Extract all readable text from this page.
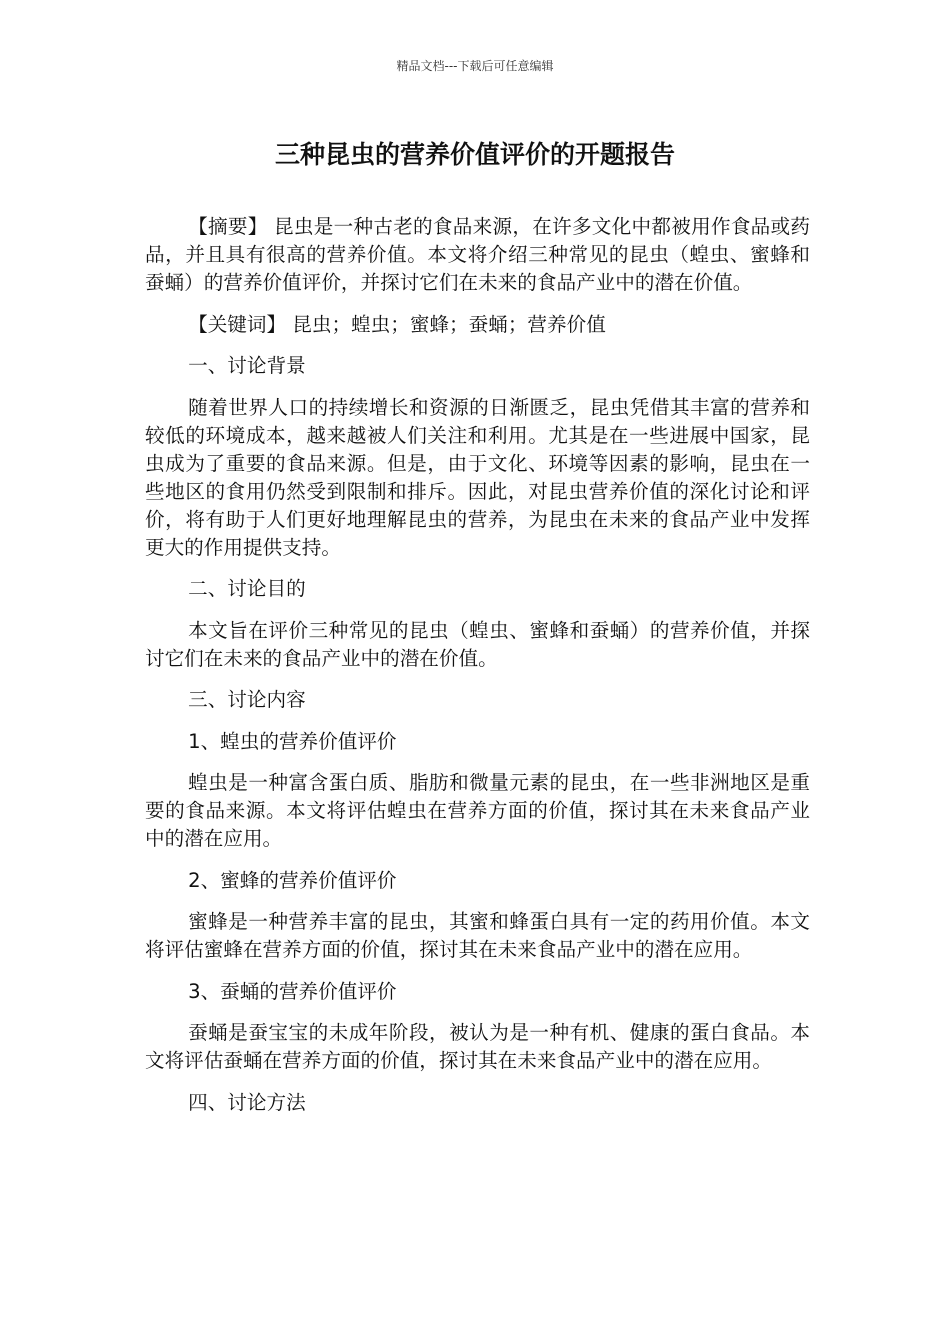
精品文档---下载后可任意编辑
三种昆虫的营养价值评价的开题报告

【摘要】 昆虫是一种古老的食品来源，在许多文化中都被用作食品或药品，并且具有很高的营养价值。本文将介绍三种常见的昆虫（蝗虫、蜜蜂和蚕蛹）的营养价值评价，并探讨它们在未来的食品产业中的潜在价值。

【关键词】 昆虫；蝗虫；蜜蜂；蚕蛹；营养价值

一、讨论背景

随着世界人口的持续增长和资源的日渐匮乏，昆虫凭借其丰富的营养和较低的环境成本，越来越被人们关注和利用。尤其是在一些进展中国家，昆虫成为了重要的食品来源。但是，由于文化、环境等因素的影响，昆虫在一些地区的食用仍然受到限制和排斥。因此，对昆虫营养价值的深化讨论和评价，将有助于人们更好地理解昆虫的营养，为昆虫在未来的食品产业中发挥更大的作用提供支持。

二、讨论目的

本文旨在评价三种常见的昆虫（蝗虫、蜜蜂和蚕蛹）的营养价值，并探讨它们在未来的食品产业中的潜在价值。

三、讨论内容

1、蝗虫的营养价值评价

蝗虫是一种富含蛋白质、脂肪和微量元素的昆虫，在一些非洲地区是重要的食品来源。本文将评估蝗虫在营养方面的价值，探讨其在未来食品产业中的潜在应用。

2、蜜蜂的营养价值评价

蜜蜂是一种营养丰富的昆虫，其蜜和蜂蛋白具有一定的药用价值。本文将评估蜜蜂在营养方面的价值，探讨其在未来食品产业中的潜在应用。

3、蚕蛹的营养价值评价

蚕蛹是蚕宝宝的未成年阶段，被认为是一种有机、健康的蛋白食品。本文将评估蚕蛹在营养方面的价值，探讨其在未来食品产业中的潜在应用。

四、讨论方法
